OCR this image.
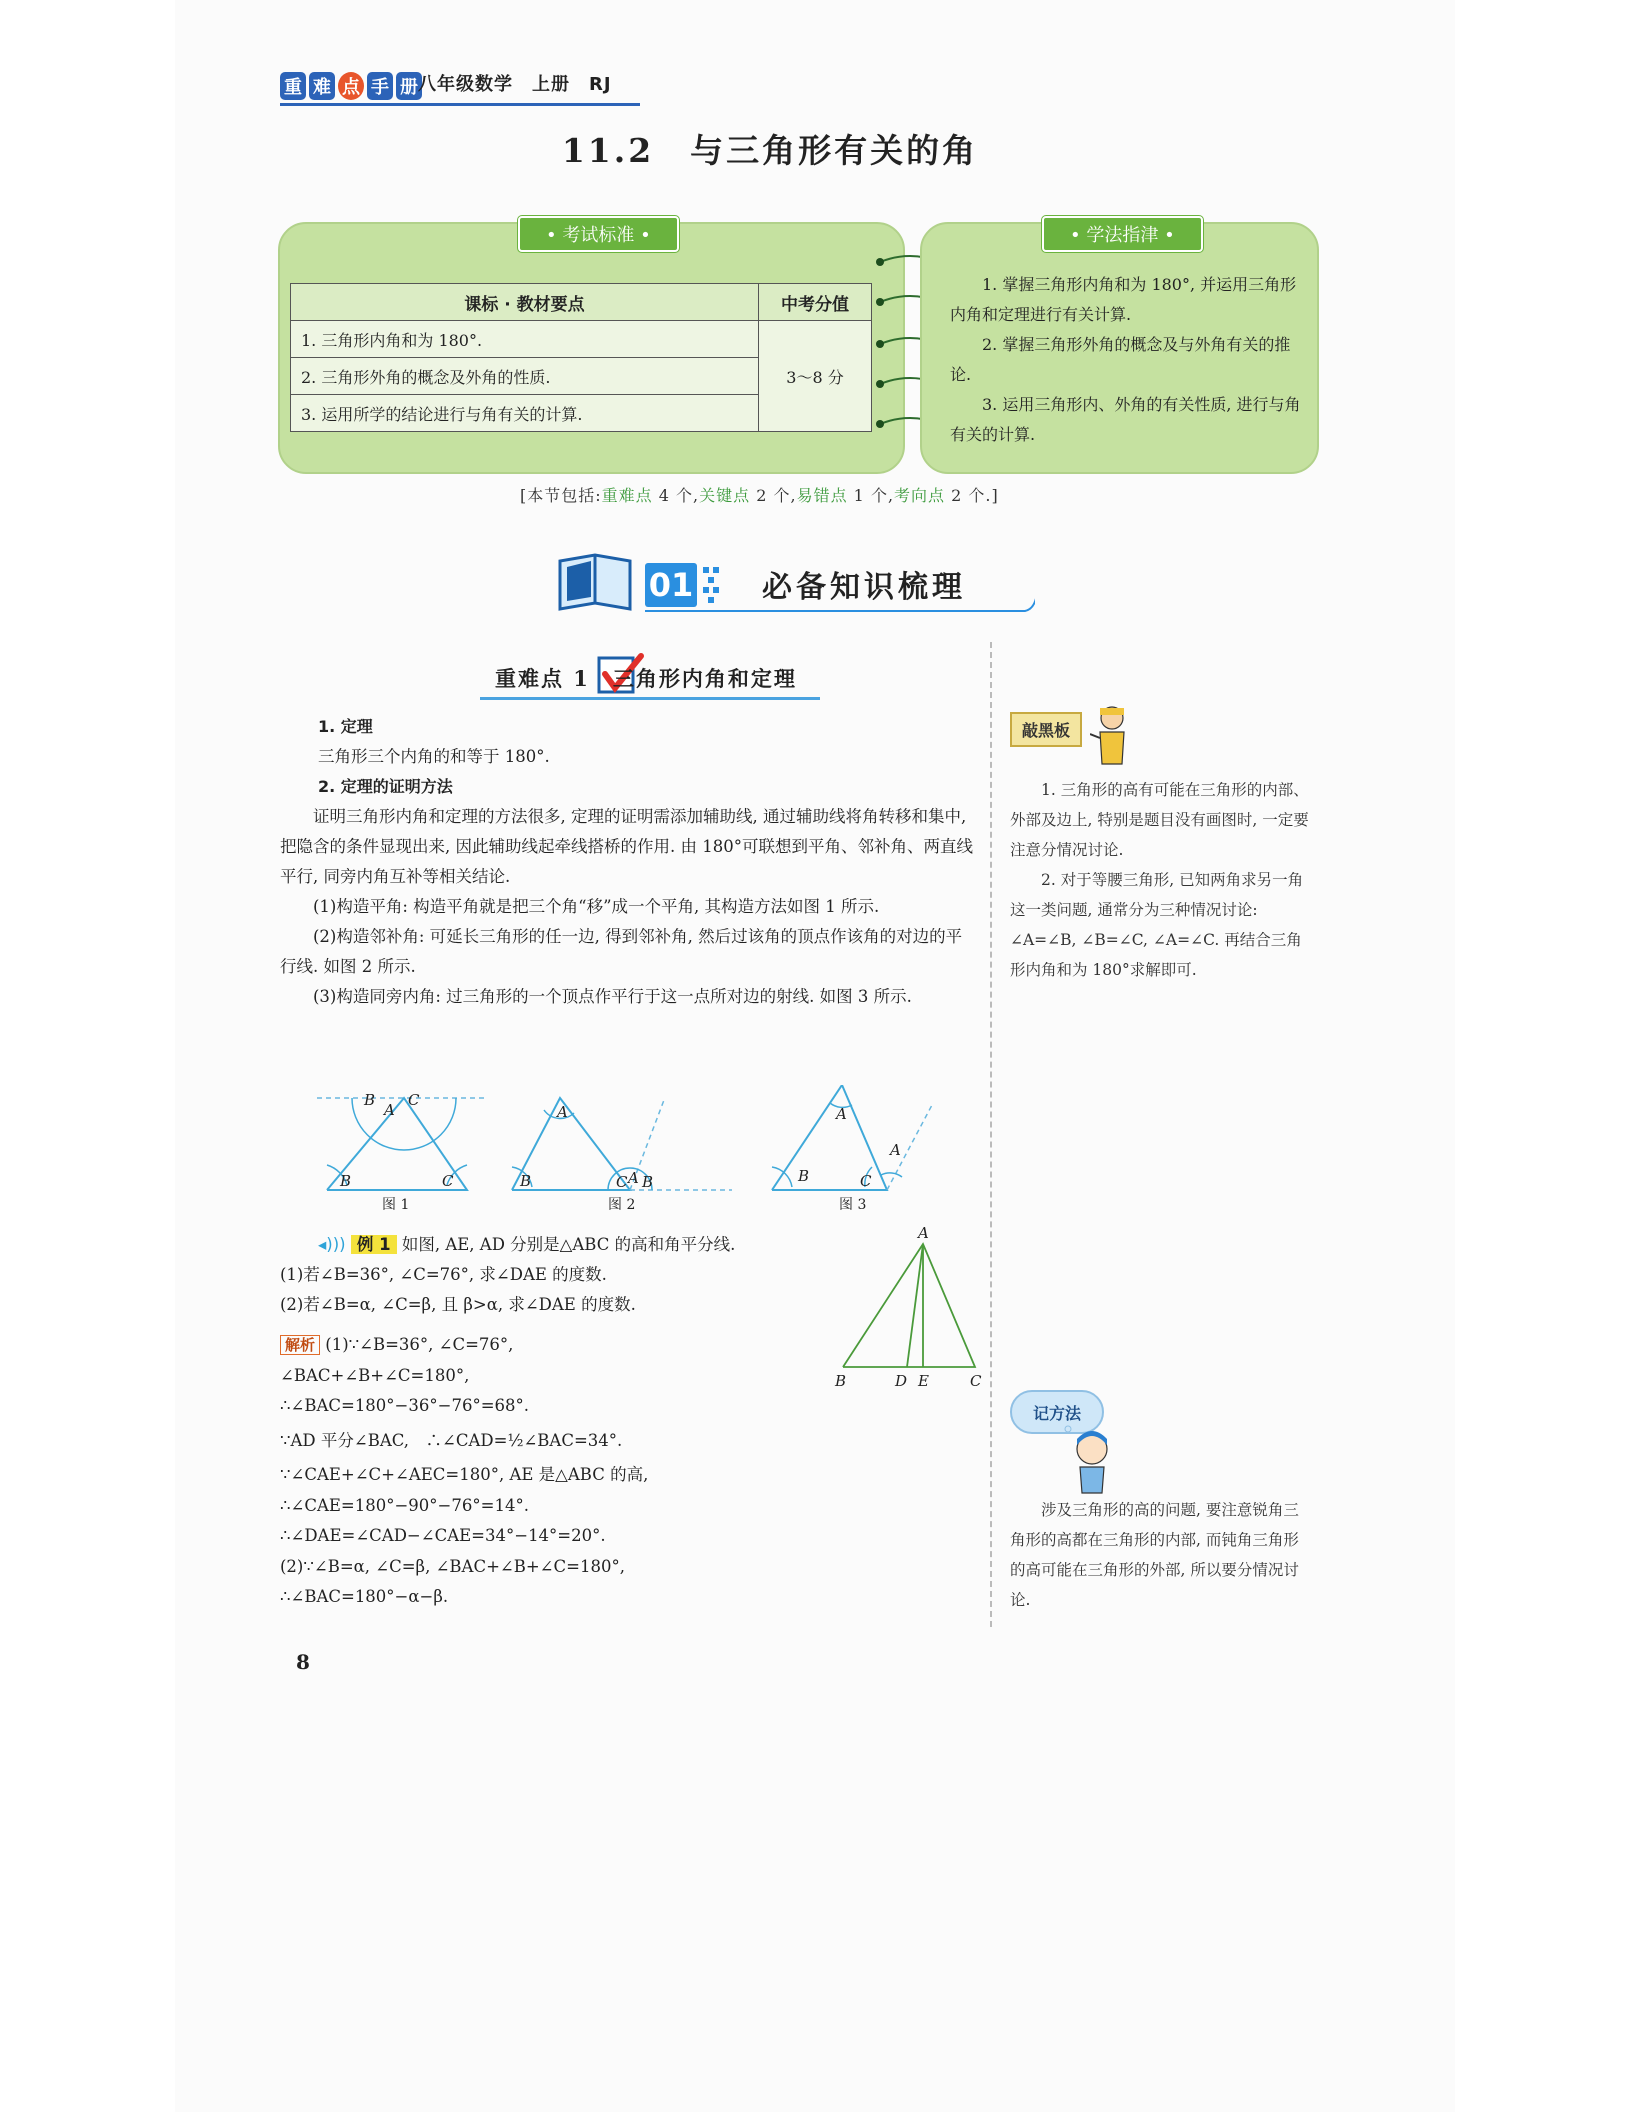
重 难 点 手 册 八年级数学　上册　RJ
11.2　与三角形有关的角
• 考试标准 •
课标 · 教材要点	中考分值
1. 三角形内角和为 180°.	3～8 分
2. 三角形外角的概念及外角的性质.	
3. 运用所学的结论进行与角有关的计算.	
• 学法指津 •

1. 掌握三角形内角和为 180°, 并运用三角形内角和定理进行有关计算.

2. 掌握三角形外角的概念及与外角有关的推论.

3. 运用三角形内、外角的有关性质, 进行与角有关的计算.

[本节包括:重难点 4 个,关键点 2 个,易错点 1 个,考向点 2 个.]
01 必备知识梳理
重难点 1　三角形内角和定理

1. 定理

三角形三个内角的和等于 180°.

2. 定理的证明方法

证明三角形内角和定理的方法很多, 定理的证明需添加辅助线, 通过辅助线将角转移和集中, 把隐含的条件显现出来, 因此辅助线起牵线搭桥的作用. 由 180°可联想到平角、邻补角、两直线平行, 同旁内角互补等相关结论.

(1)构造平角: 构造平角就是把三个角“移”成一个平角, 其构造方法如图 1 所示.

(2)构造邻补角: 可延长三角形的任一边, 得到邻补角, 然后过该角的顶点作该角的对边的平行线. 如图 2 所示.

(3)构造同旁内角: 过三角形的一个顶点作平行于这一点所对边的射线. 如图 3 所示.

B
A
C
B	C
图 1
A
B	C A B
图 2
A
B	C
A
图 3

◂))) 例 1 如图, AE, AD 分别是△ABC 的高和角平分线.

(1)若∠B=36°, ∠C=76°, 求∠DAE 的度数.

(2)若∠B=α, ∠C=β, 且 β>α, 求∠DAE 的度数.

解析 (1)∵∠B=36°, ∠C=76°,

∠BAC+∠B+∠C=180°,

∴∠BAC=180°−36°−76°=68°.

∵AD 平分∠BAC,　∴∠CAD=½∠BAC=34°.

∵∠CAE+∠C+∠AEC=180°, AE 是△ABC 的高,

∴∠CAE=180°−90°−76°=14°.

∴∠DAE=∠CAD−∠CAE=34°−14°=20°.

(2)∵∠B=α, ∠C=β, ∠BAC+∠B+∠C=180°,

∴∠BAC=180°−α−β.

A
B	D E	C
敲黑板

1. 三角形的高有可能在三角形的内部、外部及边上, 特别是题目没有画图时, 一定要注意分情况讨论.

2. 对于等腰三角形, 已知两角求另一角这一类问题, 通常分为三种情况讨论: ∠A=∠B, ∠B=∠C, ∠A=∠C. 再结合三角形内角和为 180°求解即可.

记方法

涉及三角形的高的问题, 要注意锐角三角形的高都在三角形的内部, 而钝角三角形的高可能在三角形的外部, 所以要分情况讨论.

8
